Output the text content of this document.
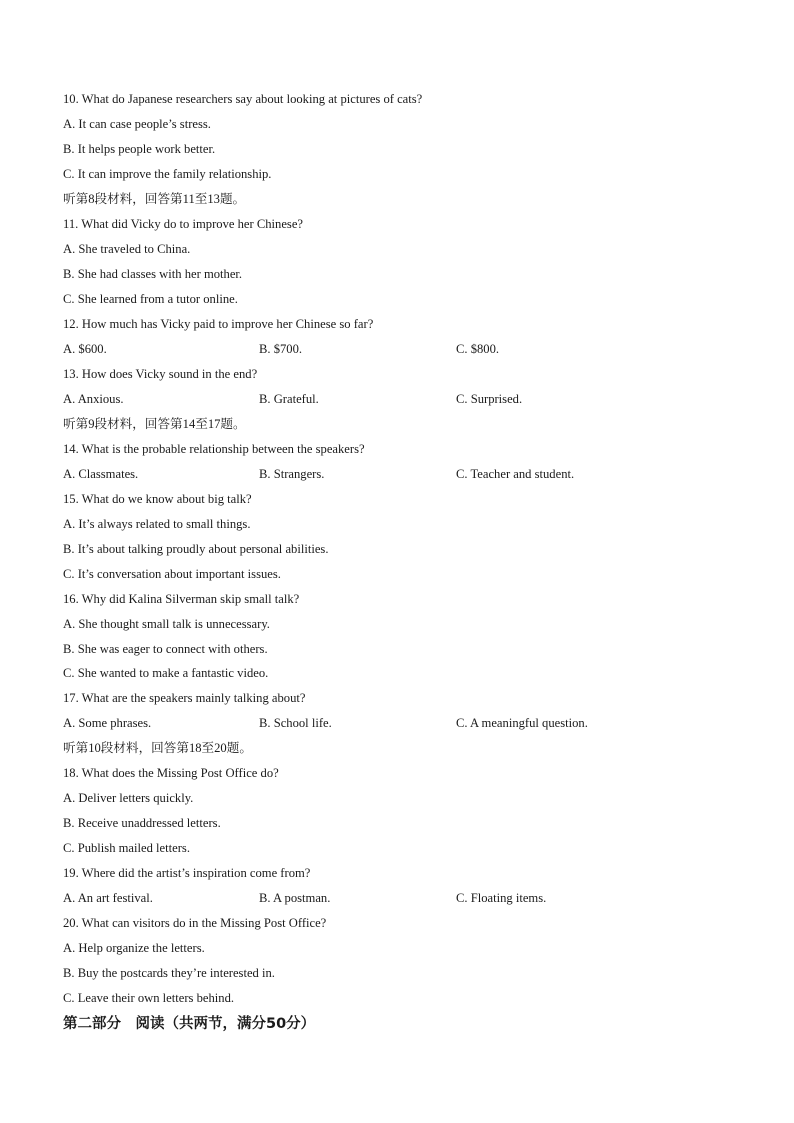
10. What do Japanese researchers say about looking at pictures of cats?
A. It can case people’s stress.
B. It helps people work better.
C. It can improve the family relationship.
听第8段材料，回答第11至13题。
11. What did Vicky do to improve her Chinese?
A. She traveled to China.
B. She had classes with her mother.
C. She learned from a tutor online.
12. How much has Vicky paid to improve her Chinese so far?
A. $600.	B. $700.	C. $800.
13. How does Vicky sound in the end?
A. Anxious.	B. Grateful.	C. Surprised.
听第9段材料，回答第14至17题。
14. What is the probable relationship between the speakers?
A. Classmates.	B. Strangers.	C. Teacher and student.
15. What do we know about big talk?
A. It’s always related to small things.
B. It’s about talking proudly about personal abilities.
C. It’s conversation about important issues.
16. Why did Kalina Silverman skip small talk?
A. She thought small talk is unnecessary.
B. She was eager to connect with others.
C. She wanted to make a fantastic video.
17. What are the speakers mainly talking about?
A. Some phrases.	B. School life.	C. A meaningful question.
听第10段材料，回答第18至20题。
18. What does the Missing Post Office do?
A. Deliver letters quickly.
B. Receive unaddressed letters.
C. Publish mailed letters.
19. Where did the artist’s inspiration come from?
A. An art festival.	B. A postman.	C. Floating items.
20. What can visitors do in the Missing Post Office?
A. Help organize the letters.
B. Buy the postcards they’re interested in.
C. Leave their own letters behind.
第二部分　阅读（共两节，满分50分）
